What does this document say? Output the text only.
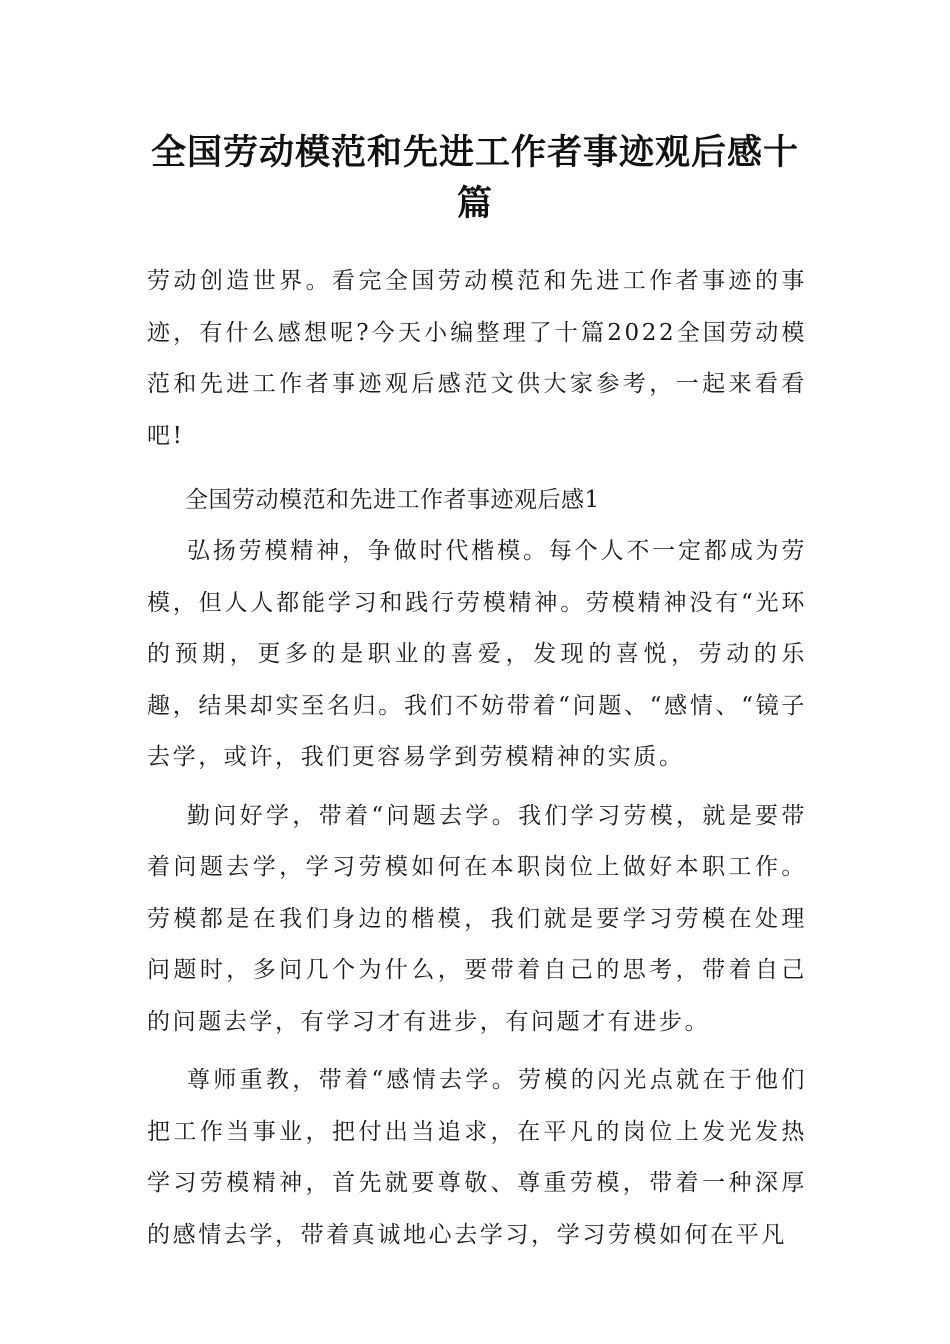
全国劳动模范和先进工作者事迹观后感十篇

劳动创造世界。看完全国劳动模范和先进工作者事迹的事迹，有什么感想呢?今天小编整理了十篇2022全国劳动模范和先进工作者事迹观后感范文供大家参考，一起来看看吧!

全国劳动模范和先进工作者事迹观后感1

弘扬劳模精神，争做时代楷模。每个人不一定都成为劳模，但人人都能学习和践行劳模精神。劳模精神没有“光环的预期，更多的是职业的喜爱，发现的喜悦，劳动的乐趣，结果却实至名归。我们不妨带着“问题、“感情、“镜子去学，或许，我们更容易学到劳模精神的实质。

勤问好学，带着“问题去学。我们学习劳模，就是要带着问题去学，学习劳模如何在本职岗位上做好本职工作。劳模都是在我们身边的楷模，我们就是要学习劳模在处理问题时，多问几个为什么，要带着自己的思考，带着自己的问题去学，有学习才有进步，有问题才有进步。

尊师重教，带着“感情去学。劳模的闪光点就在于他们把工作当事业，把付出当追求，在平凡的岗位上发光发热学习劳模精神，首先就要尊敬、尊重劳模，带着一种深厚的感情去学，带着真诚地心去学习，学习劳模如何在平凡
